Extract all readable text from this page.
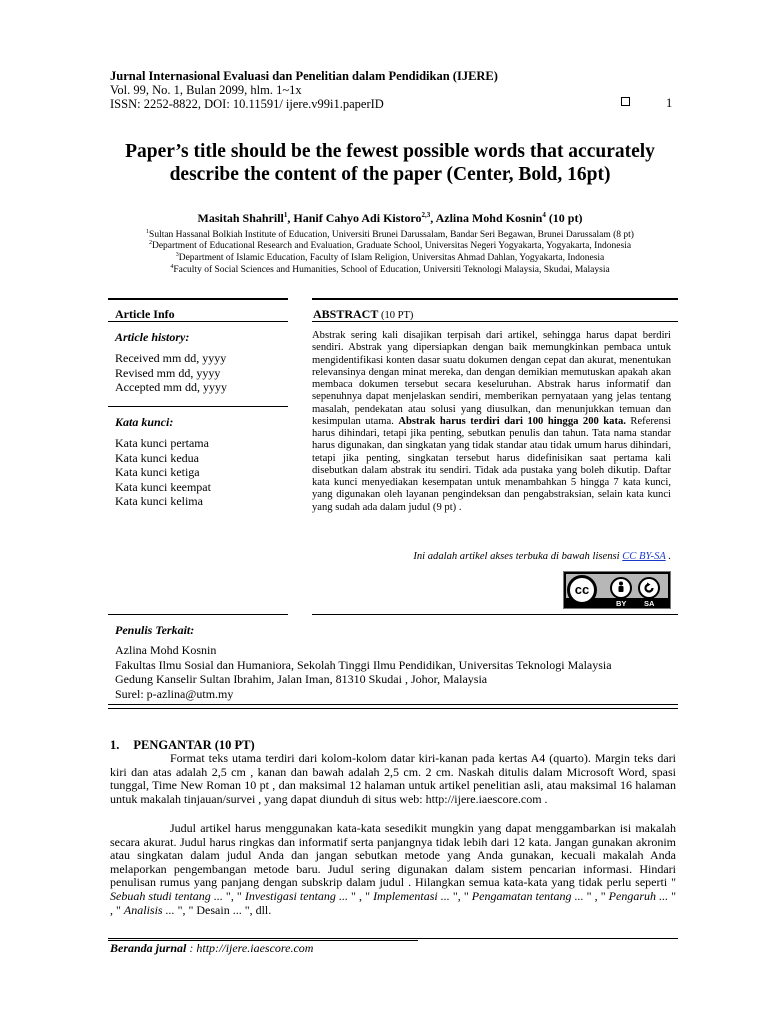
Jurnal Internasional Evaluasi dan Penelitian dalam Pendidikan (IJERE)
Vol. 99, No. 1, Bulan 2099, hlm. 1~1x
ISSN: 2252-8822, DOI: 10.11591/ ijere.v99i1.paperID	1
Paper’s title should be the fewest possible words that accurately
describe the content of the paper (Center, Bold, 16pt)
Masitah Shahrill$^1$, Hanif Cahyo Adi Kistoro$^{2,3}$, Azlina Mohd Kosnin$^4$ (10 pt)
$^1$Sultan Hassanal Bolkiah Institute of Education, Universiti Brunei Darussalam, Bandar Seri Begawan, Brunei Darussalam (8 pt)
$^2$Department of Educational Research and Evaluation, Graduate School, Universitas Negeri Yogyakarta, Yogyakarta, Indonesia
$^3$Department of Islamic Education, Faculty of Islam Religion, Universitas Ahmad Dahlan, Yogyakarta, Indonesia
$^4$Faculty of Social Sciences and Humanities, School of Education, Universiti Teknologi Malaysia, Skudai, Malaysia
Article Info
Article history:
Received mm dd, yyyy
Revised mm dd, yyyy
Accepted mm dd, yyyy
Kata kunci:
Kata kunci pertama
Kata kunci kedua
Kata kunci ketiga
Kata kunci keempat
Kata kunci kelima
ABSTRACT (10 PT)
Abstrak sering kali disajikan terpisah dari artikel, sehingga harus dapat berdiri sendiri. Abstrak yang dipersiapkan dengan baik memungkinkan pembaca untuk mengidentifikasi konten dasar suatu dokumen dengan cepat dan akurat, menentukan relevansinya dengan minat mereka, dan dengan demikian memutuskan apakah akan membaca dokumen tersebut secara keseluruhan. Abstrak harus informatif dan sepenuhnya dapat menjelaskan sendiri, memberikan pernyataan yang jelas tentang masalah, pendekatan atau solusi yang diusulkan, dan menunjukkan temuan dan kesimpulan utama. Abstrak harus terdiri dari 100 hingga 200 kata. Referensi harus dihindari, tetapi jika penting, sebutkan penulis dan tahun. Tata nama standar harus digunakan, dan singkatan yang tidak standar atau tidak umum harus dihindari, tetapi jika penting, singkatan tersebut harus didefinisikan saat pertama kali disebutkan dalam abstrak itu sendiri. Tidak ada pustaka yang boleh dikutip. Daftar kata kunci menyediakan kesempatan untuk menambahkan 5 hingga 7 kata kunci, yang digunakan oleh layanan pengindeksan dan pengabstraksian, selain kata kunci yang sudah ada dalam judul (9 pt) .
Ini adalah artikel akses terbuka di bawah lisensi CC BY-SA .
cc
BY SA
Penulis Terkait:
Azlina Mohd Kosnin
Fakultas Ilmu Sosial dan Humaniora, Sekolah Tinggi Ilmu Pendidikan, Universitas Teknologi Malaysia
Gedung Kanselir Sultan Ibrahim, Jalan Iman, 81310 Skudai , Johor, Malaysia
Surel: p-azlina@utm.my
1. PENGANTAR (10 PT)
Format teks utama terdiri dari kolom-kolom datar kiri-kanan pada kertas A4 (quarto). Margin teks dari kiri dan atas adalah 2,5 cm , kanan dan bawah adalah 2,5 cm. 2 cm. Naskah ditulis dalam Microsoft Word, spasi tunggal, Time New Roman 10 pt , dan maksimal 12 halaman untuk artikel penelitian asli, atau maksimal 16 halaman untuk makalah tinjauan/survei , yang dapat diunduh di situs web: http://ijere.iaescore.com .
Judul artikel harus menggunakan kata-kata sesedikit mungkin yang dapat menggambarkan isi makalah secara akurat. Judul harus ringkas dan informatif serta panjangnya tidak lebih dari 12 kata. Jangan gunakan akronim atau singkatan dalam judul Anda dan jangan sebutkan metode yang Anda gunakan, kecuali makalah Anda melaporkan pengembangan metode baru. Judul sering digunakan dalam sistem pencarian informasi. Hindari penulisan rumus yang panjang dengan subskrip dalam judul . Hilangkan semua kata-kata yang tidak perlu seperti " Sebuah studi tentang ... ", " Investigasi tentang ... " , " Implementasi ... ", " Pengamatan tentang ... " , " Pengaruh ... " , " Analisis ... ", " Desain ... ", dll.
Beranda jurnal : http://ijere.iaescore.com
